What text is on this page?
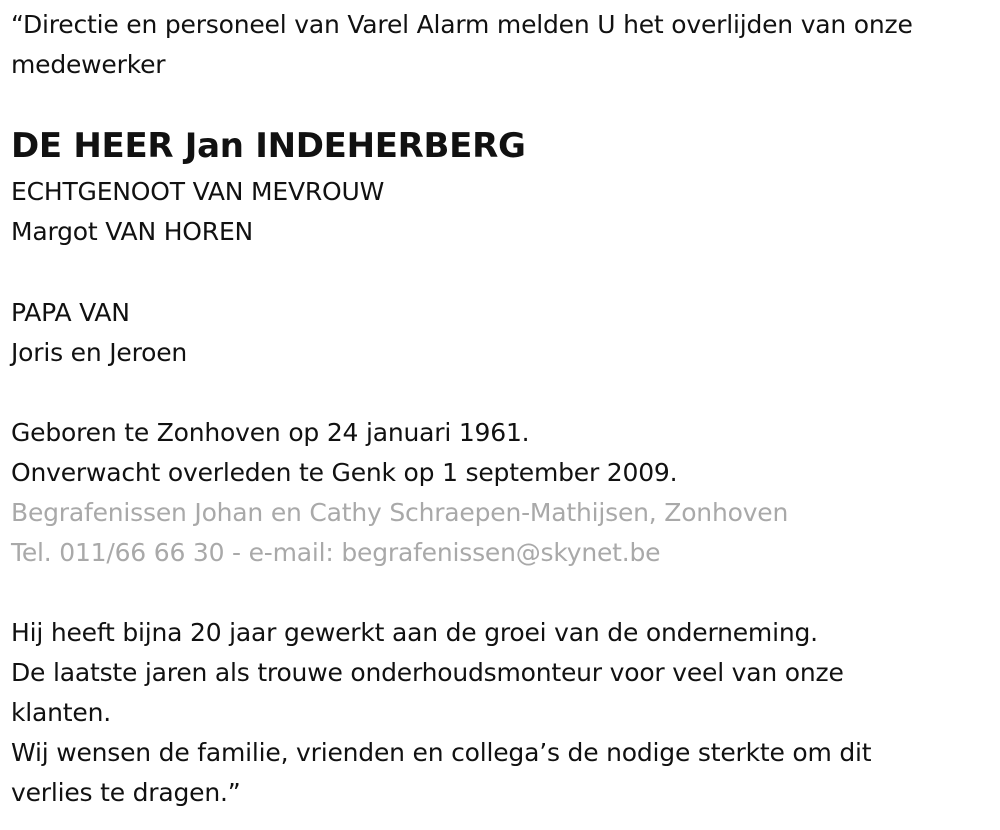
“Directie en personeel van Varel Alarm melden U het overlijden van onze
medewerker
DE HEER Jan INDEHERBERG
ECHTGENOOT VAN MEVROUW
Margot VAN HOREN
PAPA VAN
Joris en Jeroen
Geboren te Zonhoven op 24 januari 1961.
Onverwacht overleden te Genk op 1 september 2009.
Begrafenissen Johan en Cathy Schraepen-Mathijsen, Zonhoven
Tel. 011/66 66 30 - e-mail: begrafenissen@skynet.be
Hij heeft bijna 20 jaar gewerkt aan de groei van de onderneming.
De laatste jaren als trouwe onderhoudsmonteur voor veel van onze
klanten.
Wij wensen de familie, vrienden en collega’s de nodige sterkte om dit
verlies te dragen.”
